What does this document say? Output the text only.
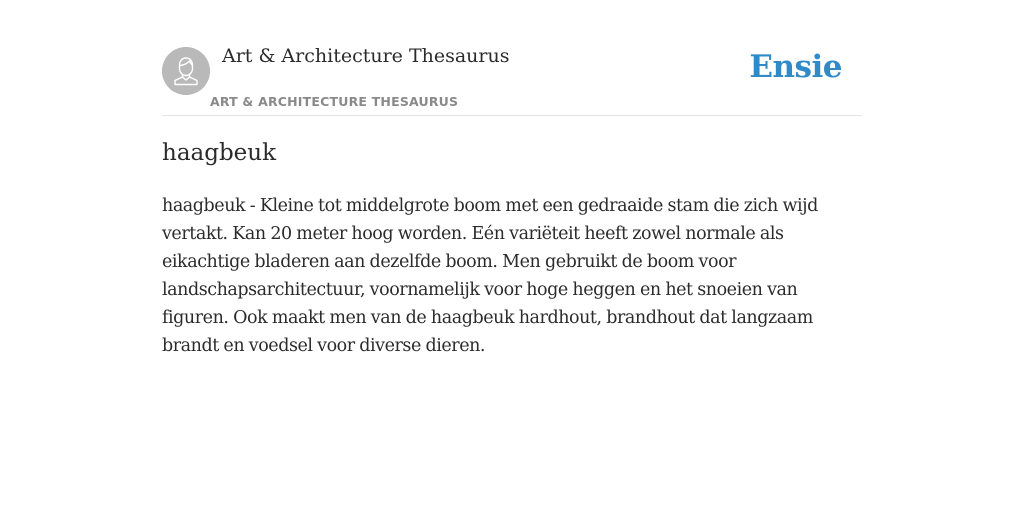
Art & Architecture Thesaurus
ART & ARCHITECTURE THESAURUS
Ensie
haagbeuk

haagbeuk - Kleine tot middelgrote boom met een gedraaide stam die zich wijd vertakt. Kan 20 meter hoog worden. Eén variëteit heeft zowel normale als eikachtige bladeren aan dezelfde boom. Men gebruikt de boom voor landschapsarchitectuur, voornamelijk voor hoge heggen en het snoeien van figuren. Ook maakt men van de haagbeuk hardhout, brandhout dat langzaam brandt en voedsel voor diverse dieren.
